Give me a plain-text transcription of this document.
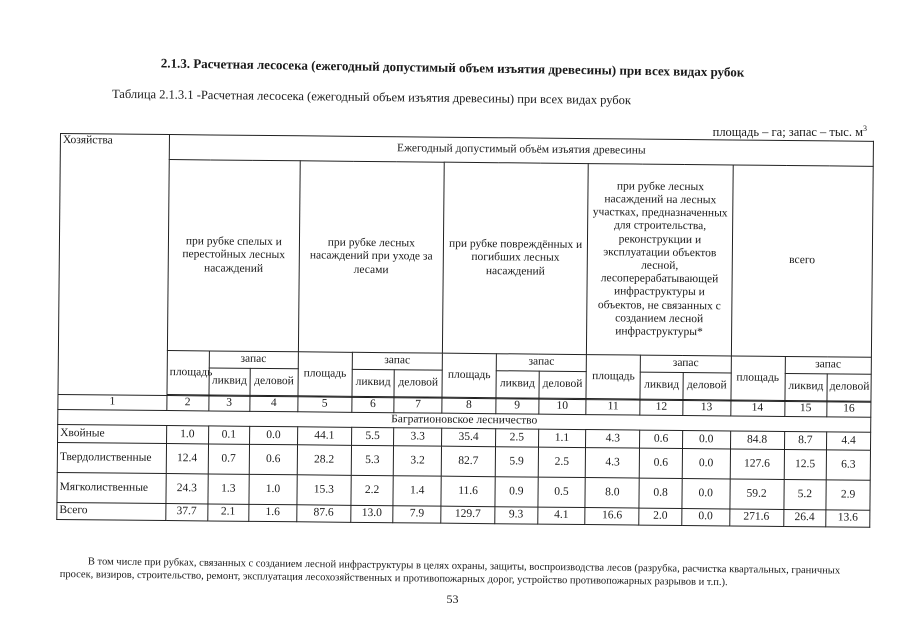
2.1.3. Расчетная лесосека (ежегодный допустимый объем изъятия древесины) при всех видах рубок
Таблица 2.1.3.1 -Расчетная лесосека (ежегодный объем изъятия древесины) при всех видах рубок
площадь – га; запас – тыс. $м^3$
Хозяйства	Ежегодный допустимый объём изъятия древесины														
	при рубке спелых и перестойных лесных насаждений			при рубке лесных насаждений при уходе за лесами			при рубке повреждённых и погибших лесных насаждений			при рубке лесных насаждений на лесных участках, предназначенных для строительства, реконструкции и эксплуатации объектов лесной, лесоперерабатывающей инфраструктуры и объектов, не связанных с созданием лесной инфраструктуры*			всего		
	площадь	запас		площадь	запас		площадь	запас		площадь	запас		площадь	запас	
		ликвид	деловой		ликвид	деловой		ликвид	деловой		ликвид	деловой		ликвид	деловой

1	2	3	4	5	6	7	8	9	10	11	12	13	14	15	16
Багратионовское лесничество															
Хвойные	1.0	0.1	0.0	44.1	5.5	3.3	35.4	2.5	1.1	4.3	0.6	0.0	84.8	8.7	4.4
Твердолиственные	12.4	0.7	0.6	28.2	5.3	3.2	82.7	5.9	2.5	4.3	0.6	0.0	127.6	12.5	6.3
Мягколиственные	24.3	1.3	1.0	15.3	2.2	1.4	11.6	0.9	0.5	8.0	0.8	0.0	59.2	5.2	2.9
Всего	37.7	2.1	1.6	87.6	13.0	7.9	129.7	9.3	4.1	16.6	2.0	0.0	271.6	26.4	13.6
В том числе при рубках, связанных с созданием лесной инфраструктуры в целях охраны, защиты, воспроизводства лесов (разрубка, расчистка квартальных, граничных просек, визиров, строительство, ремонт, эксплуатация лесохозяйственных и противопожарных дорог, устройство противопожарных разрывов и т.п.).
53
